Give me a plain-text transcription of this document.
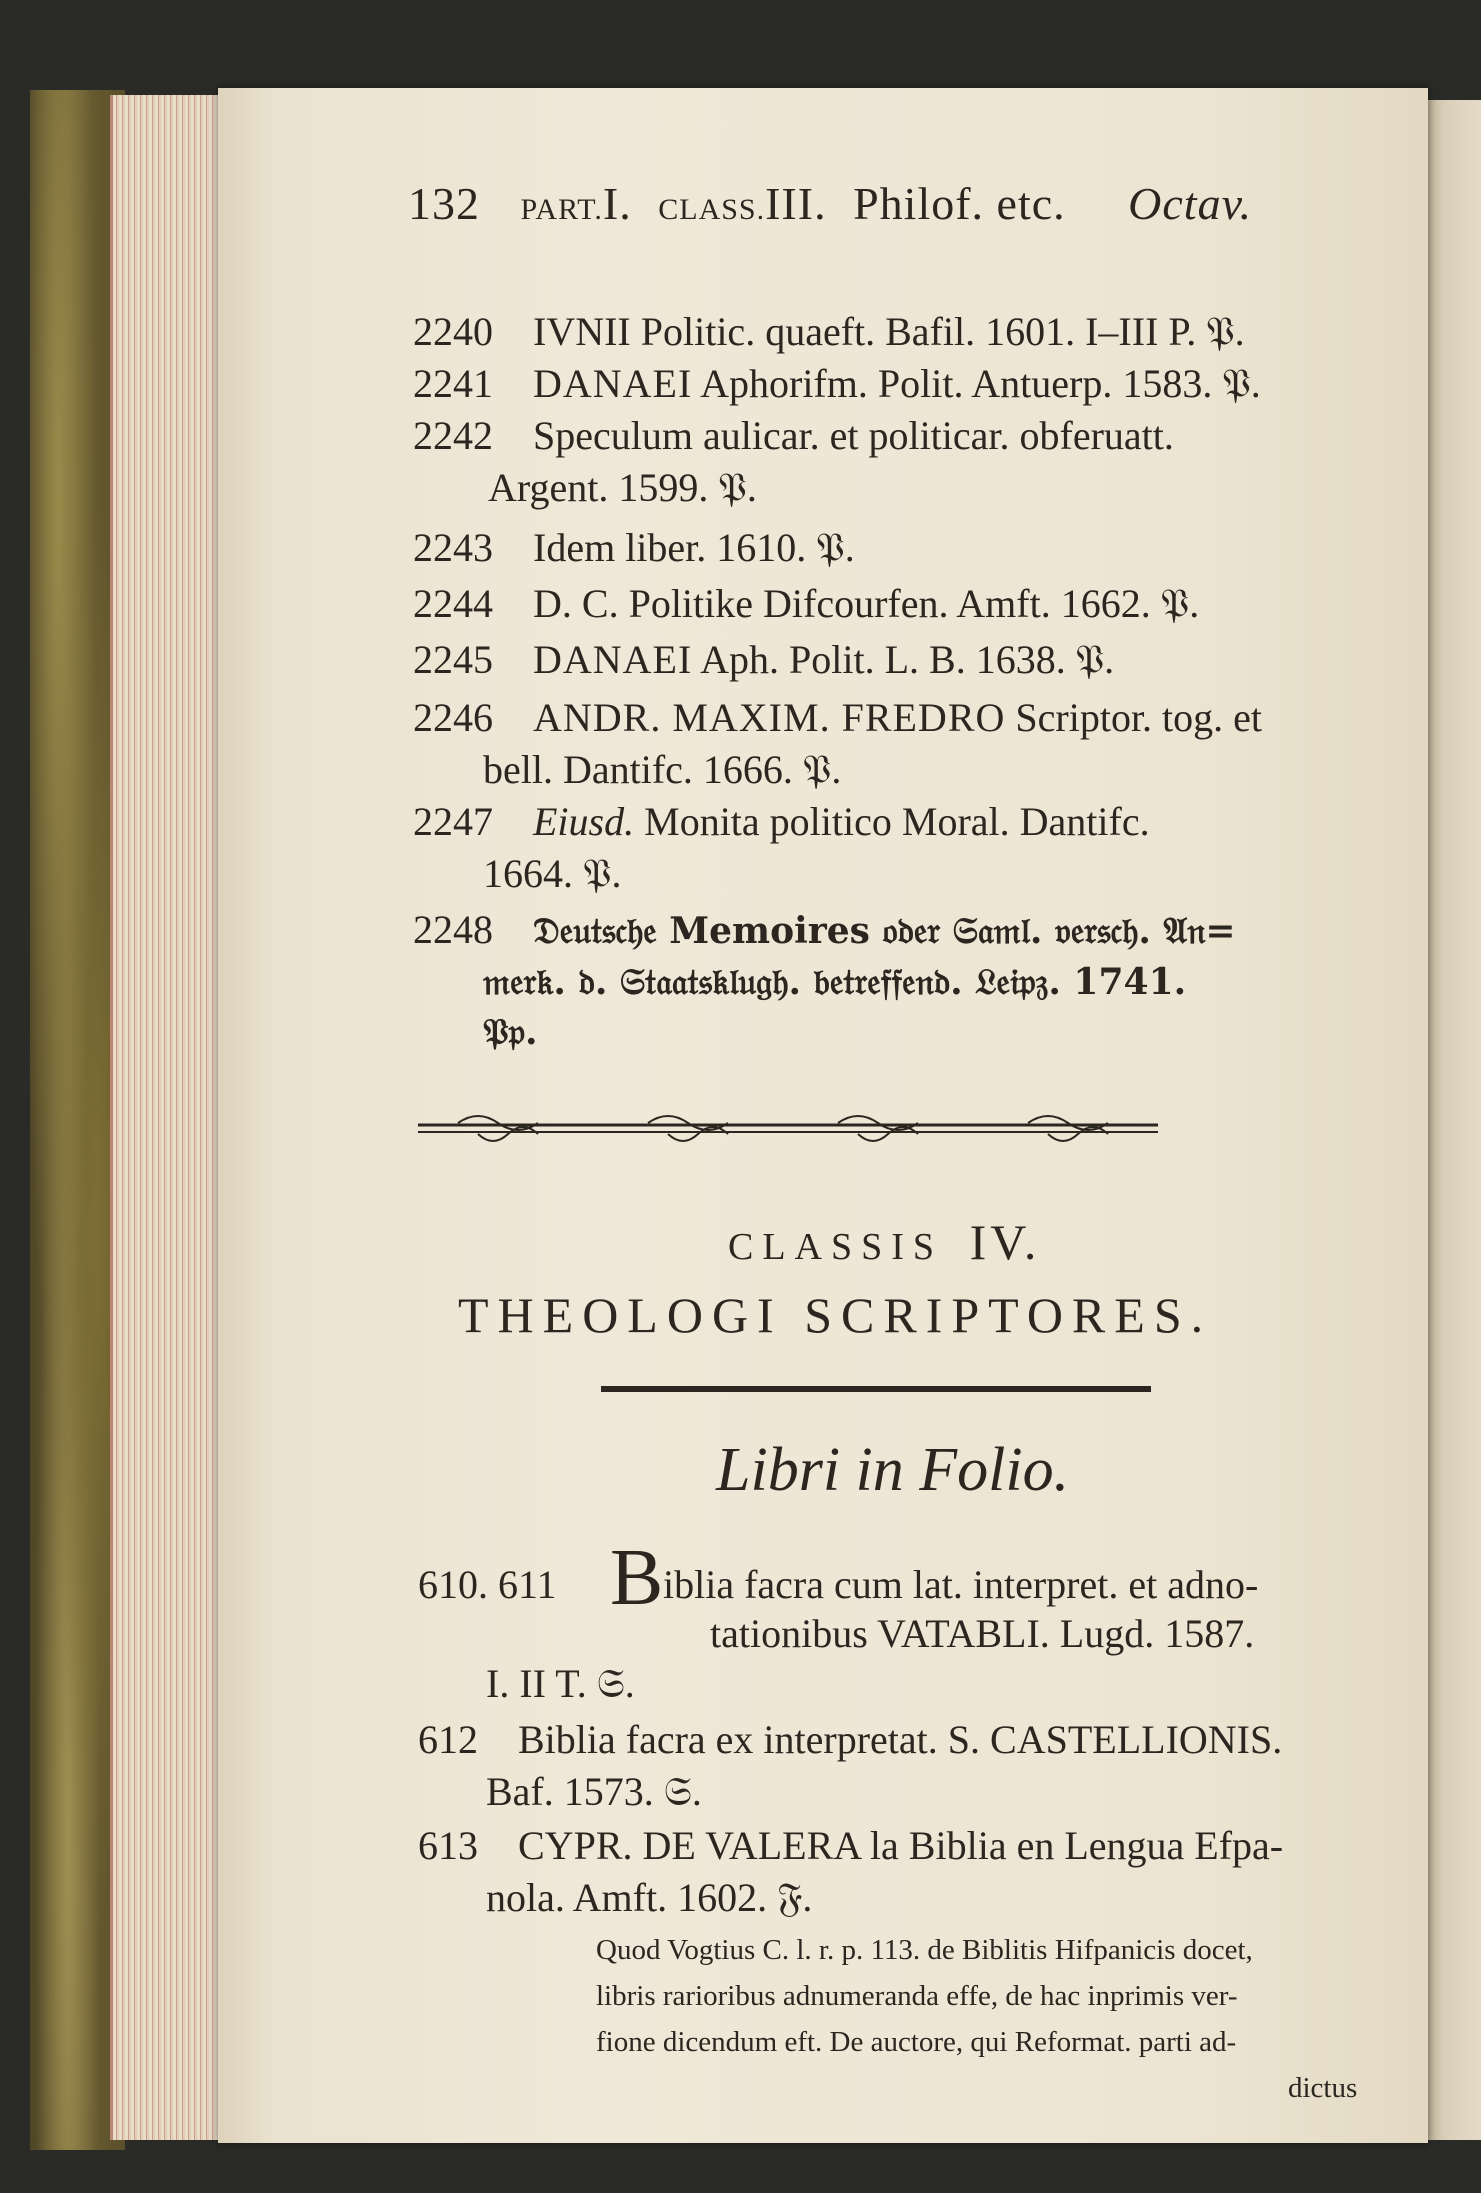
132 PART.I. CLASS.III. Philof. etc. Octav.
2240 IVNII Politic. quaeft. Bafil. 1601. I–III P. 𝔓.
2241 DANAEI Aphorifm. Polit. Antuerp. 1583. 𝔓.
2242 Speculum aulicar. et politicar. obferuatt.
Argent. 1599. 𝔓.
2243 Idem liber. 1610. 𝔓.
2244 D. C. Politike Difcourfen. Amft. 1662. 𝔓.
2245 DANAEI Aph. Polit. L. B. 1638. 𝔓.
2246 ANDR. MAXIM. FREDRO Scriptor. tog. et
bell. Dantifc. 1666. 𝔓.
2247 Eiusd. Monita politico Moral. Dantifc.
1664. 𝔓.
2248 𝔇𝔢𝔲𝔱𝔰𝔠𝔥𝔢 Memoires 𝔬𝔡𝔢𝔯 𝔖𝔞𝔪𝔩. 𝔳𝔢𝔯𝔰𝔠𝔥. 𝔄𝔫=
𝔪𝔢𝔯𝔨. 𝔡. 𝔖𝔱𝔞𝔞𝔱𝔰𝔨𝔩𝔲𝔤𝔥. 𝔟𝔢𝔱𝔯𝔢𝔣𝔣𝔢𝔫𝔡. 𝔏𝔢𝔦𝔭𝔷. 1741.
𝔓𝔭.
CLASSIS IV.
THEOLOGI SCRIPTORES.
Libri in Folio.
610. 611 B iblia facra cum lat. interpret. et adno-
tationibus VATABLI. Lugd. 1587.
I. II T. 𝔖.
612 Biblia facra ex interpretat. S. CASTELLIONIS.
Baf. 1573. 𝔖.
613 CYPR. DE VALERA la Biblia en Lengua Efpa-
nola. Amft. 1602. 𝔉.
Quod Vogtius C. l. r. p. 113. de Biblitis Hifpanicis docet,
libris rarioribus adnumeranda effe, de hac inprimis ver-
fione dicendum eft. De auctore, qui Reformat. parti ad-
dictus
